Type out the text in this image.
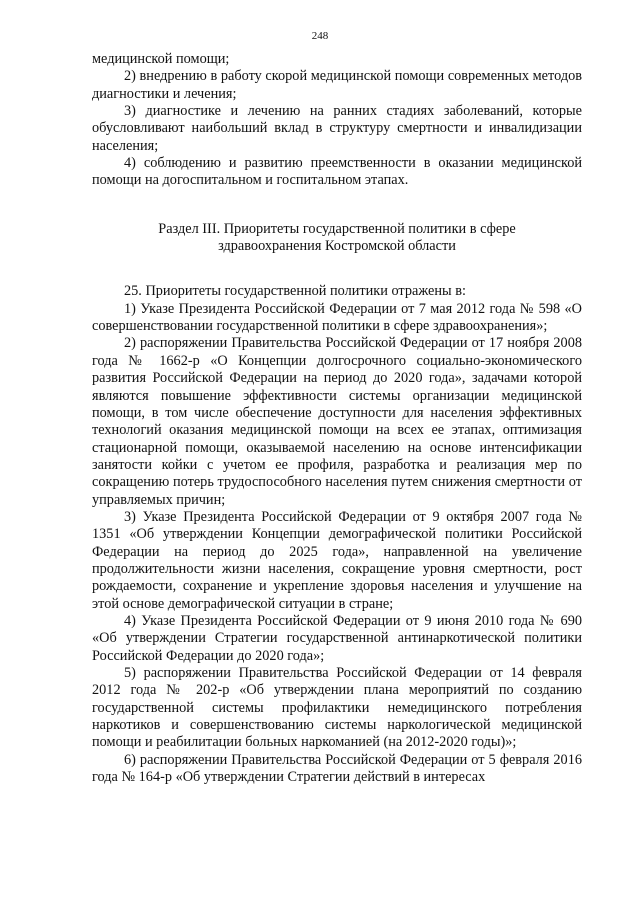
248

медицинской помощи;

2) внедрению в работу скорой медицинской помощи современных методов диагностики и лечения;

3) диагностике и лечению на ранних стадиях заболеваний, которые обусловливают наибольший вклад в структуру смертности и инвалидизации населения;

4) соблюдению и развитию преемственности в оказании медицинской помощи на догоспитальном и госпитальном этапах.

Раздел III. Приоритеты государственной политики в сфере
здравоохранения Костромской области

25. Приоритеты государственной политики отражены в:

1) Указе Президента Российской Федерации от 7 мая 2012 года № 598 «О совершенствовании государственной политики в сфере здравоохранения»;

2) распоряжении Правительства Российской Федерации от 17 ноября 2008 года № 1662-р «О Концепции долгосрочного социально-экономического развития Российской Федерации на период до 2020 года», задачами которой являются повышение эффективности системы организации медицинской помощи, в том числе обеспечение доступности для населения эффективных технологий оказания медицинской помощи на всех ее этапах, оптимизация стационарной помощи, оказываемой населению на основе интенсификации занятости койки с учетом ее профиля, разработка и реализация мер по сокращению потерь трудоспособного населения путем снижения смертности от управляемых причин;

3) Указе Президента Российской Федерации от 9 октября 2007 года № 1351 «Об утверждении Концепции демографической политики Российской Федерации на период до 2025 года», направленной на увеличение продолжительности жизни населения, сокращение уровня смертности, рост рождаемости, сохранение и укрепление здоровья населения и улучшение на этой основе демографической ситуации в стране;

4) Указе Президента Российской Федерации от 9 июня 2010 года № 690 «Об утверждении Стратегии государственной антинаркотической политики Российской Федерации до 2020 года»;

5) распоряжении Правительства Российской Федерации от 14 февраля 2012 года № 202-р «Об утверждении плана мероприятий по созданию государственной системы профилактики немедицинского потребления наркотиков и совершенствованию системы наркологической медицинской помощи и реабилитации больных наркоманией (на 2012-2020 годы)»;

6) распоряжении Правительства Российской Федерации от 5 февраля 2016 года № 164-р «Об утверждении Стратегии действий в интересах
